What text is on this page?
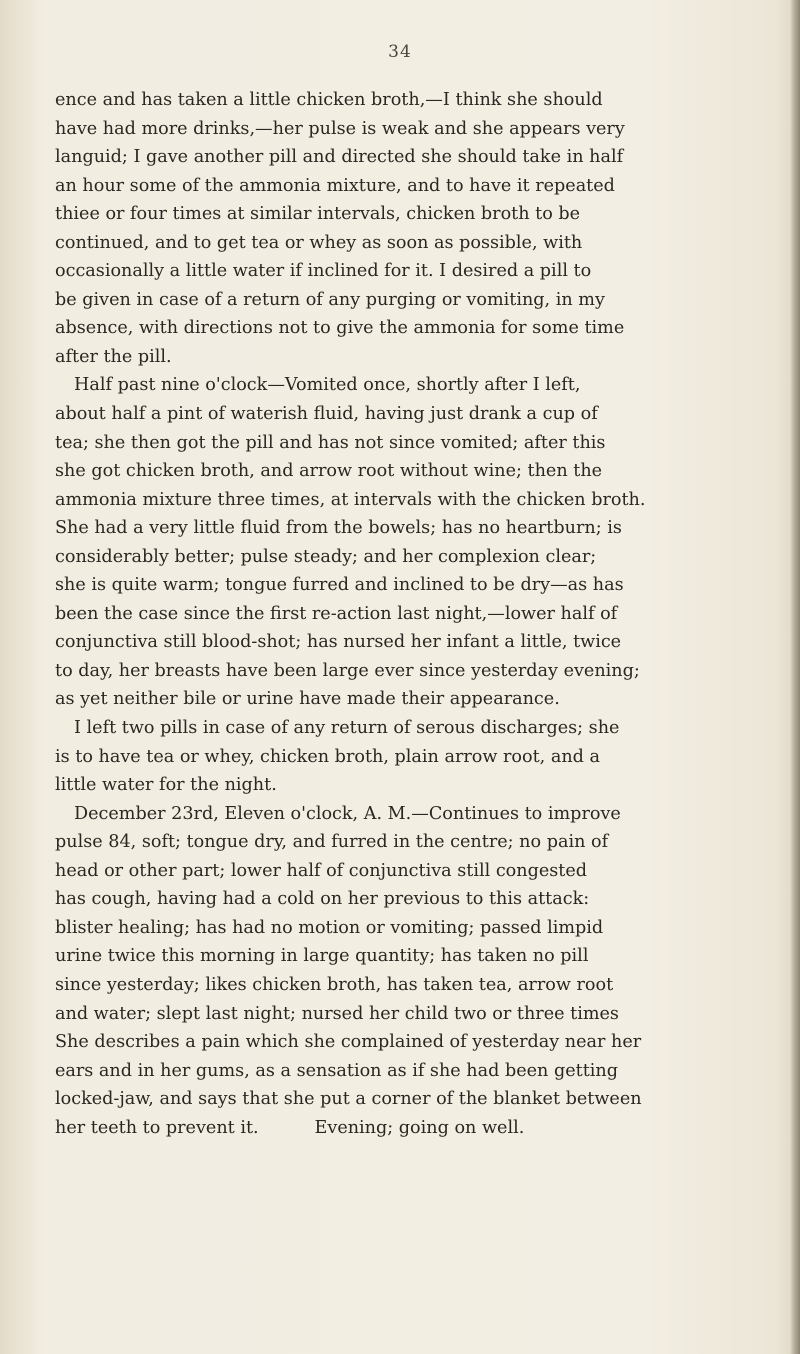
34
ence and has taken a little chicken broth,—I think she should
have had more drinks,—her pulse is weak and she appears very
languid; I gave another pill and directed she should take in half
an hour some of the ammonia mixture, and to have it repeated
thiee or four times at similar intervals, chicken broth to be
continued, and to get tea or whey as soon as possible, with
occasionally a little water if inclined for it. I desired a pill to
be given in case of a return of any purging or vomiting, in my
absence, with directions not to give the ammonia for some time
after the pill.
Half past nine o'clock—Vomited once, shortly after I left,
about half a pint of waterish fluid, having just drank a cup of
tea; she then got the pill and has not since vomited; after this
she got chicken broth, and arrow root without wine; then the
ammonia mixture three times, at intervals with the chicken broth.
She had a very little fluid from the bowels; has no heartburn; is
considerably better; pulse steady; and her complexion clear;
she is quite warm; tongue furred and inclined to be dry—as has
been the case since the first re-action last night,—lower half of
conjunctiva still blood-shot; has nursed her infant a little, twice
to day, her breasts have been large ever since yesterday evening;
as yet neither bile or urine have made their appearance.
I left two pills in case of any return of serous discharges; she
is to have tea or whey, chicken broth, plain arrow root, and a
little water for the night.
December 23rd, Eleven o'clock, A. M.—Continues to improve
pulse 84, soft; tongue dry, and furred in the centre; no pain of
head or other part; lower half of conjunctiva still congested
has cough, having had a cold on her previous to this attack:
blister healing; has had no motion or vomiting; passed limpid
urine twice this morning in large quantity; has taken no pill
since yesterday; likes chicken broth, has taken tea, arrow root
and water; slept last night; nursed her child two or three times
She describes a pain which she complained of yesterday near her
ears and in her gums, as a sensation as if she had been getting
locked-jaw, and says that she put a corner of the blanket between
her teeth to prevent it.          Evening; going on well.
